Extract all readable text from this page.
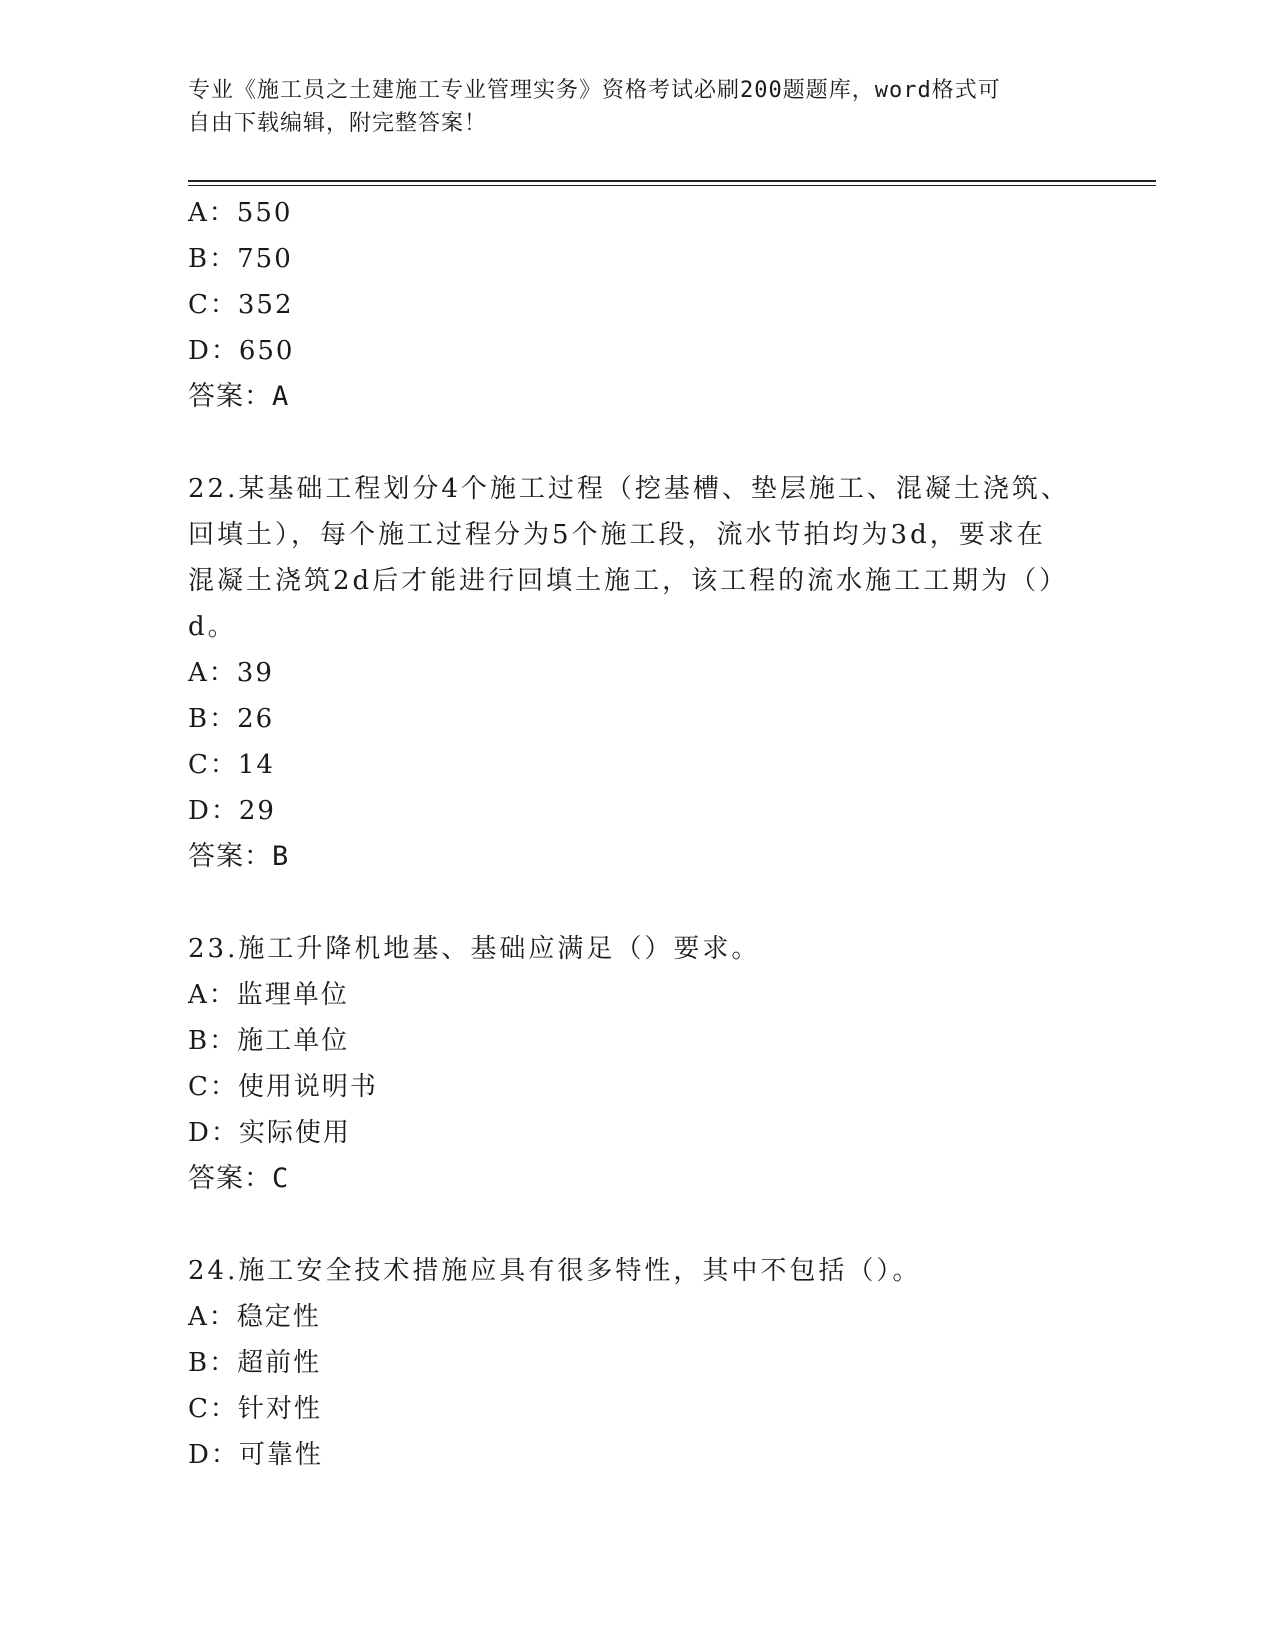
专业《施工员之土建施工专业管理实务》资格考试必刷200题题库，word格式可
自由下载编辑，附完整答案！
A：550
B：750
C：352
D：650
答案：A
22.某基础工程划分4个施工过程（挖基槽、垫层施工、混凝土浇筑、
回填土），每个施工过程分为5个施工段，流水节拍均为3d，要求在
混凝土浇筑2d后才能进行回填土施工，该工程的流水施工工期为（）
d。
A：39
B：26
C：14
D：29
答案：B
23.施工升降机地基、基础应满足（）要求。
A：监理单位
B：施工单位
C：使用说明书
D：实际使用
答案：C
24.施工安全技术措施应具有很多特性，其中不包括（）。
A：稳定性
B：超前性
C：针对性
D：可靠性
